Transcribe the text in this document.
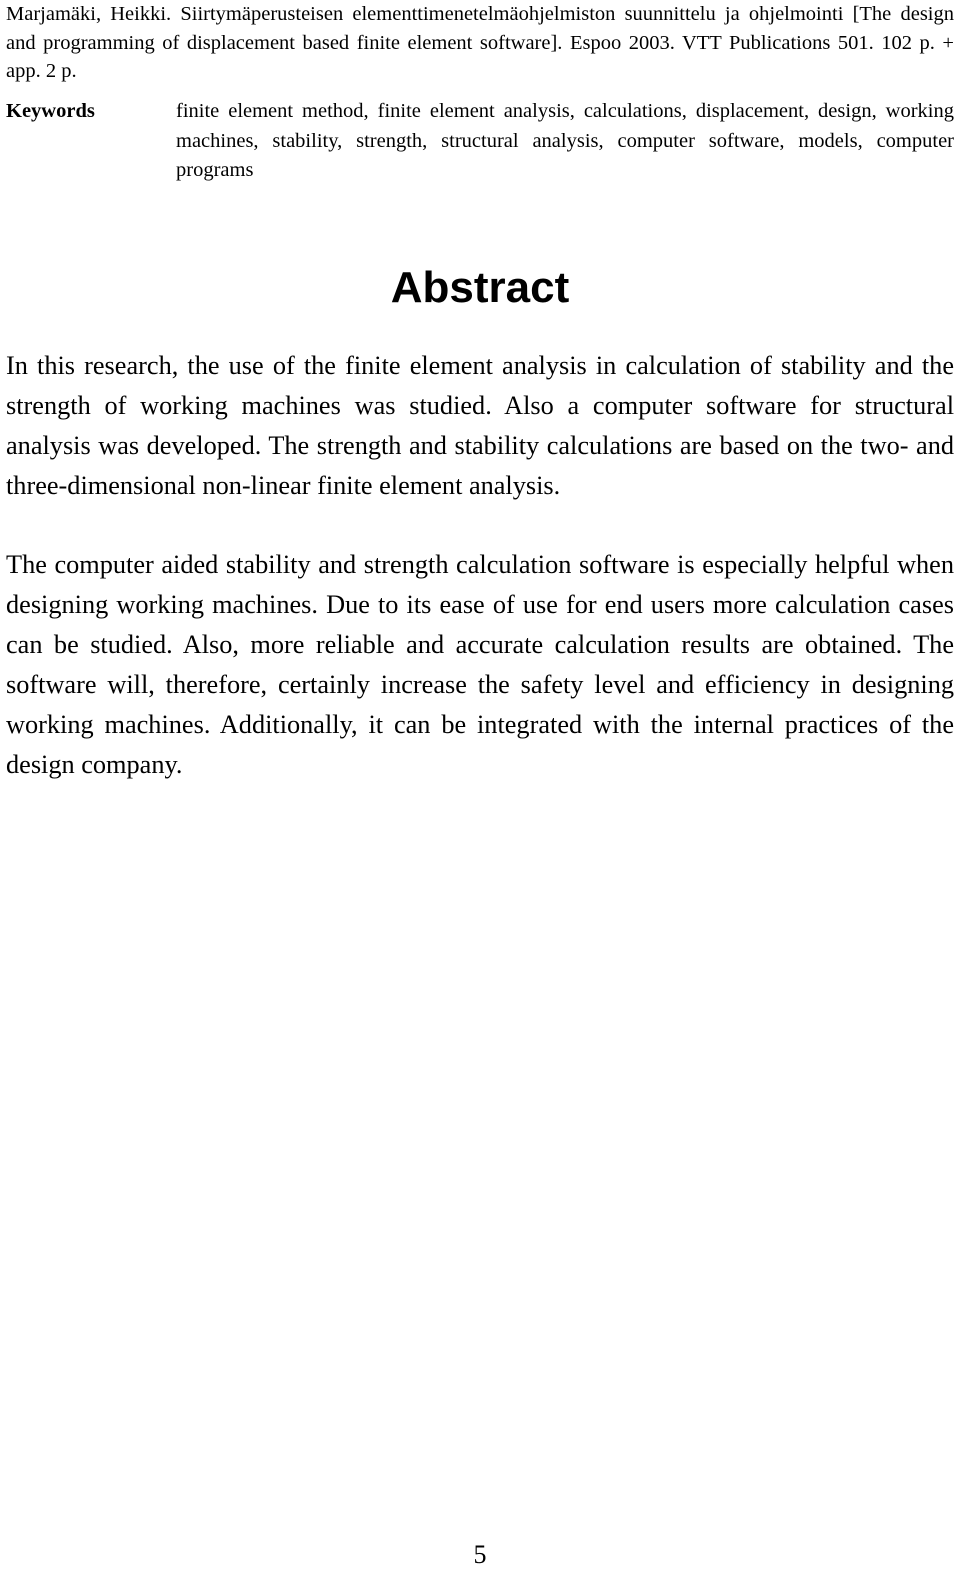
Marjamäki, Heikki. Siirtymäperusteisen elementtimenetelmäohjelmiston suunnittelu ja ohjelmointi [The design and programming of displacement based finite element software]. Espoo 2003. VTT Publications 501. 102 p. + app. 2 p.
Keywords	finite element method, finite element analysis, calculations, displacement, design, working machines, stability, strength, structural analysis, computer software, models, computer programs
Abstract

In this research, the use of the finite element analysis in calculation of stability and the strength of working machines was studied. Also a computer software for structural analysis was developed. The strength and stability calculations are based on the two- and three-dimensional non-linear finite element analysis.

The computer aided stability and strength calculation software is especially helpful when designing working machines. Due to its ease of use for end users more calculation cases can be studied. Also, more reliable and accurate calculation results are obtained. The software will, therefore, certainly increase the safety level and efficiency in designing working machines. Additionally, it can be integrated with the internal practices of the design company.

5
